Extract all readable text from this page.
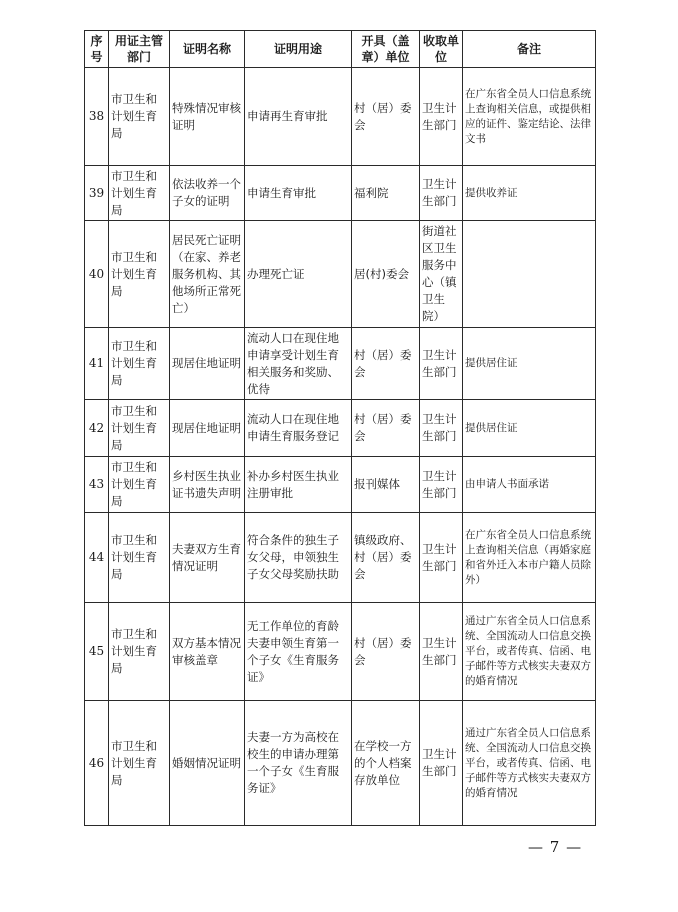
序号	用证主管部门	证明名称	证明用途	开具（盖章）单位	收取单位	备注
38	市卫生和计划生育局	特殊情况审核证明	申请再生育审批	村（居）委会	卫生计生部门	在广东省全员人口信息系统上查询相关信息，或提供相应的证件、鉴定结论、法律文书
39	市卫生和计划生育局	依法收养一个子女的证明	申请生育审批	福利院	卫生计生部门	提供收养证
40	市卫生和计划生育局	居民死亡证明（在家、养老服务机构、其他场所正常死亡）	办理死亡证	居(村)委会	街道社区卫生服务中心（镇卫生院）	
41	市卫生和计划生育局	现居住地证明	流动人口在现住地申请享受计划生育相关服务和奖励、优待	村（居）委会	卫生计生部门	提供居住证
42	市卫生和计划生育局	现居住地证明	流动人口在现住地申请生育服务登记	村（居）委会	卫生计生部门	提供居住证
43	市卫生和计划生育局	乡村医生执业证书遗失声明	补办乡村医生执业注册审批	报刊媒体	卫生计生部门	由申请人书面承诺
44	市卫生和计划生育局	夫妻双方生育情况证明	符合条件的独生子女父母，申领独生子女父母奖励扶助	镇级政府、村（居）委会	卫生计生部门	在广东省全员人口信息系统上查询相关信息（再婚家庭和省外迁入本市户籍人员除外）
45	市卫生和计划生育局	双方基本情况审核盖章	无工作单位的育龄夫妻申领生育第一个子女《生育服务证》	村（居）委会	卫生计生部门	通过广东省全员人口信息系统、全国流动人口信息交换平台，或者传真、信函、电子邮件等方式核实夫妻双方的婚育情况
46	市卫生和计划生育局	婚姻情况证明	夫妻一方为高校在校生的申请办理第一个子女《生育服务证》	在学校一方的个人档案存放单位	卫生计生部门	通过广东省全员人口信息系统、全国流动人口信息交换平台，或者传真、信函、电子邮件等方式核实夫妻双方的婚育情况
— 7 —
